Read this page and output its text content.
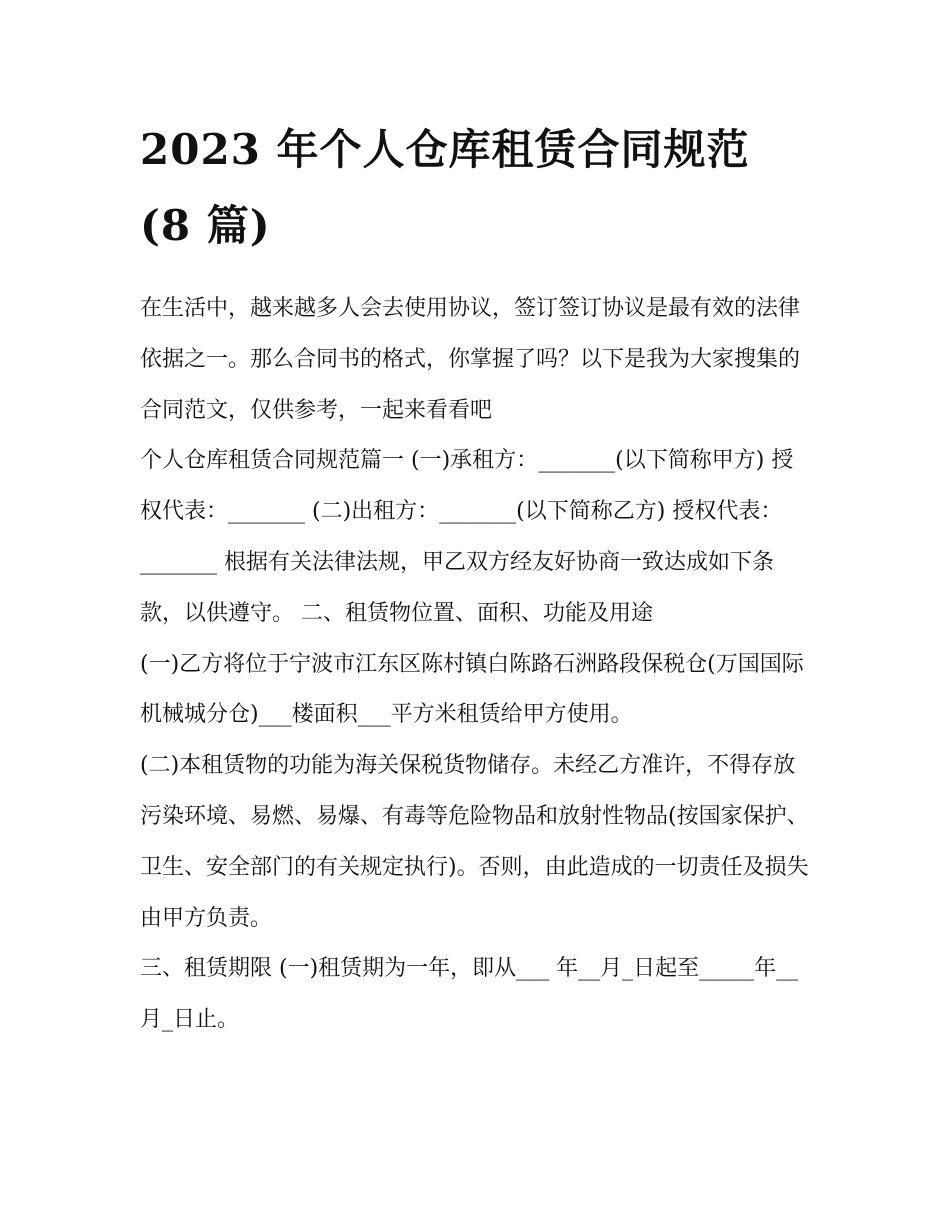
2023 年个人仓库租赁合同规范
(8 篇)

在生活中，越来越多人会去使用协议，签订签订协议是最有效的法律依据之一。那么合同书的格式，你掌握了吗？以下是我为大家搜集的合同范文，仅供参考，一起来看看吧

个人仓库租赁合同规范篇一 (一)承租方：_______(以下简称甲方) 授权代表：_______ (二)出租方：_______(以下简称乙方) 授权代表：_______ 根据有关法律法规，甲乙双方经友好协商一致达成如下条款，以供遵守。 二、租赁物位置、面积、功能及用途

(一)乙方将位于宁波市江东区陈村镇白陈路石洲路段保税仓(万国国际机械城分仓)___楼面积___平方米租赁给甲方使用。

(二)本租赁物的功能为海关保税货物储存。未经乙方准许，不得存放污染环境、易燃、易爆、有毒等危险物品和放射性物品(按国家保护、卫生、安全部门的有关规定执行)。否则，由此造成的一切责任及损失由甲方负责。

三、租赁期限 (一)租赁期为一年，即从___ 年__月_日起至_____年__月_日止。
